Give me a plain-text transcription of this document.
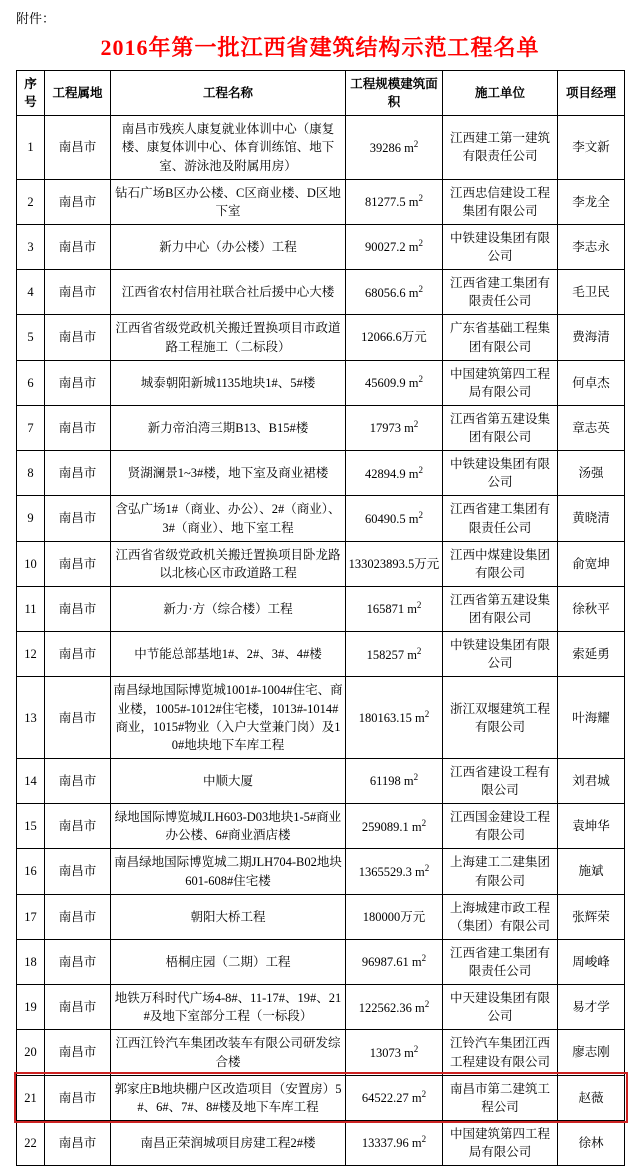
附件：
2016年第一批江西省建筑结构示范工程名单
序号	工程属地	工程名称	工程规模建筑面积	施工单位	项目经理
1	南昌市	南昌市残疾人康复就业体训中心（康复楼、康复体训中心、体育训练馆、地下室、游泳池及附属用房）	39286 $m^2$	江西建工第一建筑有限责任公司	李文新
2	南昌市	钻石广场B区办公楼、C区商业楼、D区地下室	81277.5 $m^2$	江西忠信建设工程集团有限公司	李龙全
3	南昌市	新力中心（办公楼）工程	90027.2 $m^2$	中铁建设集团有限公司	李志永
4	南昌市	江西省农村信用社联合社后援中心大楼	68056.6 $m^2$	江西省建工集团有限责任公司	毛卫民
5	南昌市	江西省省级党政机关搬迁置换项目市政道路工程施工（二标段）	12066.6万元	广东省基础工程集团有限公司	费海清
6	南昌市	城泰朝阳新城1135地块1#、5#楼	45609.9 $m^2$	中国建筑第四工程局有限公司	何卓杰
7	南昌市	新力帝泊湾三期B13、B15#楼	17973 $m^2$	江西省第五建设集团有限公司	章志英
8	南昌市	贤湖澜景1~3#楼，地下室及商业裙楼	42894.9 $m^2$	中铁建设集团有限公司	汤强
9	南昌市	含弘广场1#（商业、办公）、2#（商业）、3#（商业）、地下室工程	60490.5 $m^2$	江西省建工集团有限责任公司	黄晓清
10	南昌市	江西省省级党政机关搬迁置换项目卧龙路以北核心区市政道路工程	133023893.5万元	江西中煤建设集团有限公司	俞宽坤
11	南昌市	新力·方（综合楼）工程	165871 $m^2$	江西省第五建设集团有限公司	徐秋平
12	南昌市	中节能总部基地1#、2#、3#、4#楼	158257 $m^2$	中铁建设集团有限公司	索延勇
13	南昌市	南昌绿地国际博览城1001#-1004#住宅、商业楼，1005#-1012#住宅楼，1013#-1014#商业，1015#物业（入户大堂兼门岗）及10#地块地下车库工程	180163.15 $m^2$	浙江双堰建筑工程有限公司	叶海耀
14	南昌市	中顺大厦	61198 $m^2$	江西省建设工程有限公司	刘君城
15	南昌市	绿地国际博览城JLH603-D03地块1-5#商业办公楼、6#商业酒店楼	259089.1 $m^2$	江西国金建设工程有限公司	袁坤华
16	南昌市	南昌绿地国际博览城二期JLH704-B02地块601-608#住宅楼	1365529.3 $m^2$	上海建工二建集团有限公司	施斌
17	南昌市	朝阳大桥工程	180000万元	上海城建市政工程（集团）有限公司	张辉荣
18	南昌市	梧桐庄园（二期）工程	96987.61 $m^2$	江西省建工集团有限责任公司	周峻峰
19	南昌市	地铁万科时代广场4-8#、11-17#、19#、21#及地下室部分工程（一标段）	122562.36 $m^2$	中天建设集团有限公司	易才学
20	南昌市	江西江铃汽车集团改装车有限公司研发综合楼	13073 $m^2$	江铃汽车集团江西工程建设有限公司	廖志刚
21	南昌市	郭家庄B地块棚户区改造项目（安置房）5#、6#、7#、8#楼及地下车库工程	64522.27 $m^2$	南昌市第二建筑工程公司	赵薇
22	南昌市	南昌正荣润城项目房建工程2#楼	13337.96 $m^2$	中国建筑第四工程局有限公司	徐林
